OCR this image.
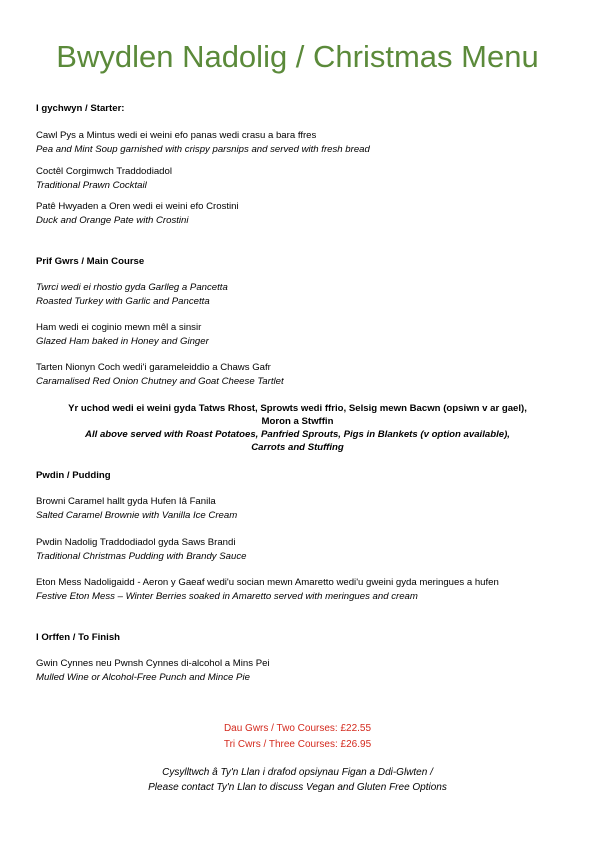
Bwydlen Nadolig / Christmas Menu
I gychwyn / Starter:
Cawl Pys a Mintus wedi ei weini efo panas wedi crasu a bara ffres
Pea and Mint Soup garnished with crispy parsnips and served with fresh bread
Coctêl Corgimwch Traddodiadol
Traditional Prawn Cocktail
Patê Hwyaden a Oren wedi ei weini efo Crostini
Duck and Orange Pate with Crostini
Prif Gwrs / Main Course
Twrci wedi ei rhostio gyda Garlleg a Pancetta
Roasted Turkey with Garlic and Pancetta
Ham wedi ei coginio mewn mêl a sinsir
Glazed Ham baked in Honey and Ginger
Tarten Nionyn Coch wedi'i garameleiddio a Chaws Gafr
Caramalised Red Onion Chutney and Goat Cheese Tartlet
Yr uchod wedi ei weini gyda Tatws Rhost, Sprowts wedi ffrio, Selsig mewn Bacwn (opsiwn v ar gael),
Moron a Stwffin
All above served with Roast Potatoes, Panfried Sprouts, Pigs in Blankets (v option available),
Carrots and Stuffing
Pwdin / Pudding
Browni Caramel hallt gyda Hufen Iâ Fanila
Salted Caramel Brownie with Vanilla Ice Cream
Pwdin Nadolig Traddodiadol gyda Saws Brandi
Traditional Christmas Pudding with Brandy Sauce
Eton Mess Nadoligaidd - Aeron y Gaeaf wedi'u socian mewn Amaretto wedi'u gweini gyda meringues a hufen
Festive Eton Mess – Winter Berries soaked in Amaretto served with meringues and cream
I Orffen / To Finish
Gwin Cynnes neu Pwnsh Cynnes di-alcohol a Mins Pei
Mulled Wine or Alcohol-Free Punch and Mince Pie
Dau Gwrs / Two Courses: £22.55
Tri Cwrs / Three Courses: £26.95
Cysylltwch â Ty'n Llan i drafod opsiynau Figan a Ddi-Glwten /
Please contact Ty'n Llan to discuss Vegan and Gluten Free Options
